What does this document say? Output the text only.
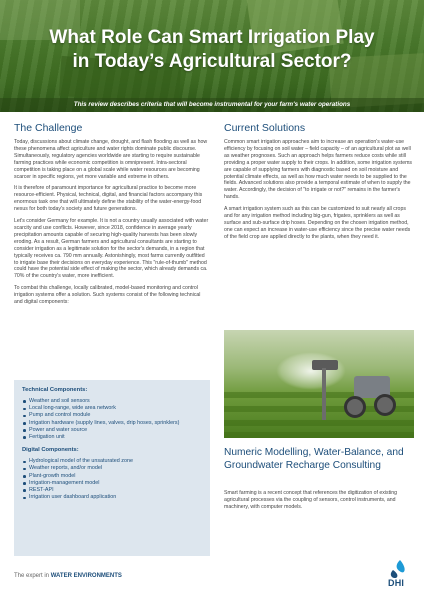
What Role Can Smart Irrigation Play
in Today’s Agricultural Sector?
This review describes criteria that will become instrumental for your farm's water operations
The Challenge

Today, discussions about climate change, drought, and flash flooding as well as how these phenomena affect agriculture and water rights dominate public discourse. Simultaneously, regulatory agencies worldwide are starting to require sustainable farming practices while economic competition is omnipresent. Intra-sectoral competition is taking place on a global scale while water resources are becoming scarcer in specific regions, yet more variable and extreme in others.

It is therefore of paramount importance for agricultural practice to become more resource-efficient. Physical, technical, digital, and financial factors accompany this enormous task one that will ultimately define the stability of the water-energy-food nexus for both today's society and future generations.

Let's consider Germany for example. It is not a country usually associated with water scarcity and use conflicts. However, since 2018, confidence in average yearly precipitation amounts capable of securing high-quality harvests has been slowly eroding. As a result, German farmers and agricultural consultants are starting to consider irrigation as a legitimate solution for the sector's demands, in a region that typically receives ca. 790 mm annually. Astonishingly, most farms currently outfitted to irrigate base their decisions on everyday experience. This "rule-of-thumb" method could have the potential side effect of making the sector, which already demands ca. 70% of the country's water, more inefficient.

To combat this challenge, locally calibrated, model-based monitoring and control irrigation systems offer a solution. Such systems consist of the following technical and digital components:

Technical Components:
Weather and soil sensors
Local long-range, wide area network
Pump and control module
Irrigation hardware (supply lines, valves, drip hoses, sprinklers)
Power and water source
Fertigation unit
Digital Components:
Hydrological model of the unsaturated zone
Weather reports, and/or model
Plant-growth model
Irrigation-management model
REST-API
Irrigation user dashboard application
Current Solutions

Common smart irrigation approaches aim to increase an operation's water-use efficiency by focusing on soil water – field capacity – of an agricultural plot as well as weather prognoses. Such an approach helps farmers reduce costs while still providing a proper water supply to their crops. In addition, some irrigation systems are capable of supplying farmers with diagnostic based on soil moisture and potential climate effects, as well as how much water needs to be supplied to the fields. Advanced solutions also provide a temporal estimate of when to supply the water. Accordingly, the decision of "to irrigate or not?" remains in the farmer's hands.

A smart irrigation system such as this can be customized to suit nearly all crops and for any irrigation method including big-gun, frigates, sprinklers as well as surface and sub-surface drip hoses. Depending on the chosen irrigation method, one can expect an increase in water-use efficiency since the precise water needs of the field crop are applied directly to the plants, when they need it.

Numeric Modelling, Water-Balance, and Groundwater Recharge Consulting

Smart farming is a recent concept that references the digitization of existing agricultural processes via the coupling of sensors, control instruments, and machinery, with computer models.

The expert in WATER ENVIRONMENTS
DHI
